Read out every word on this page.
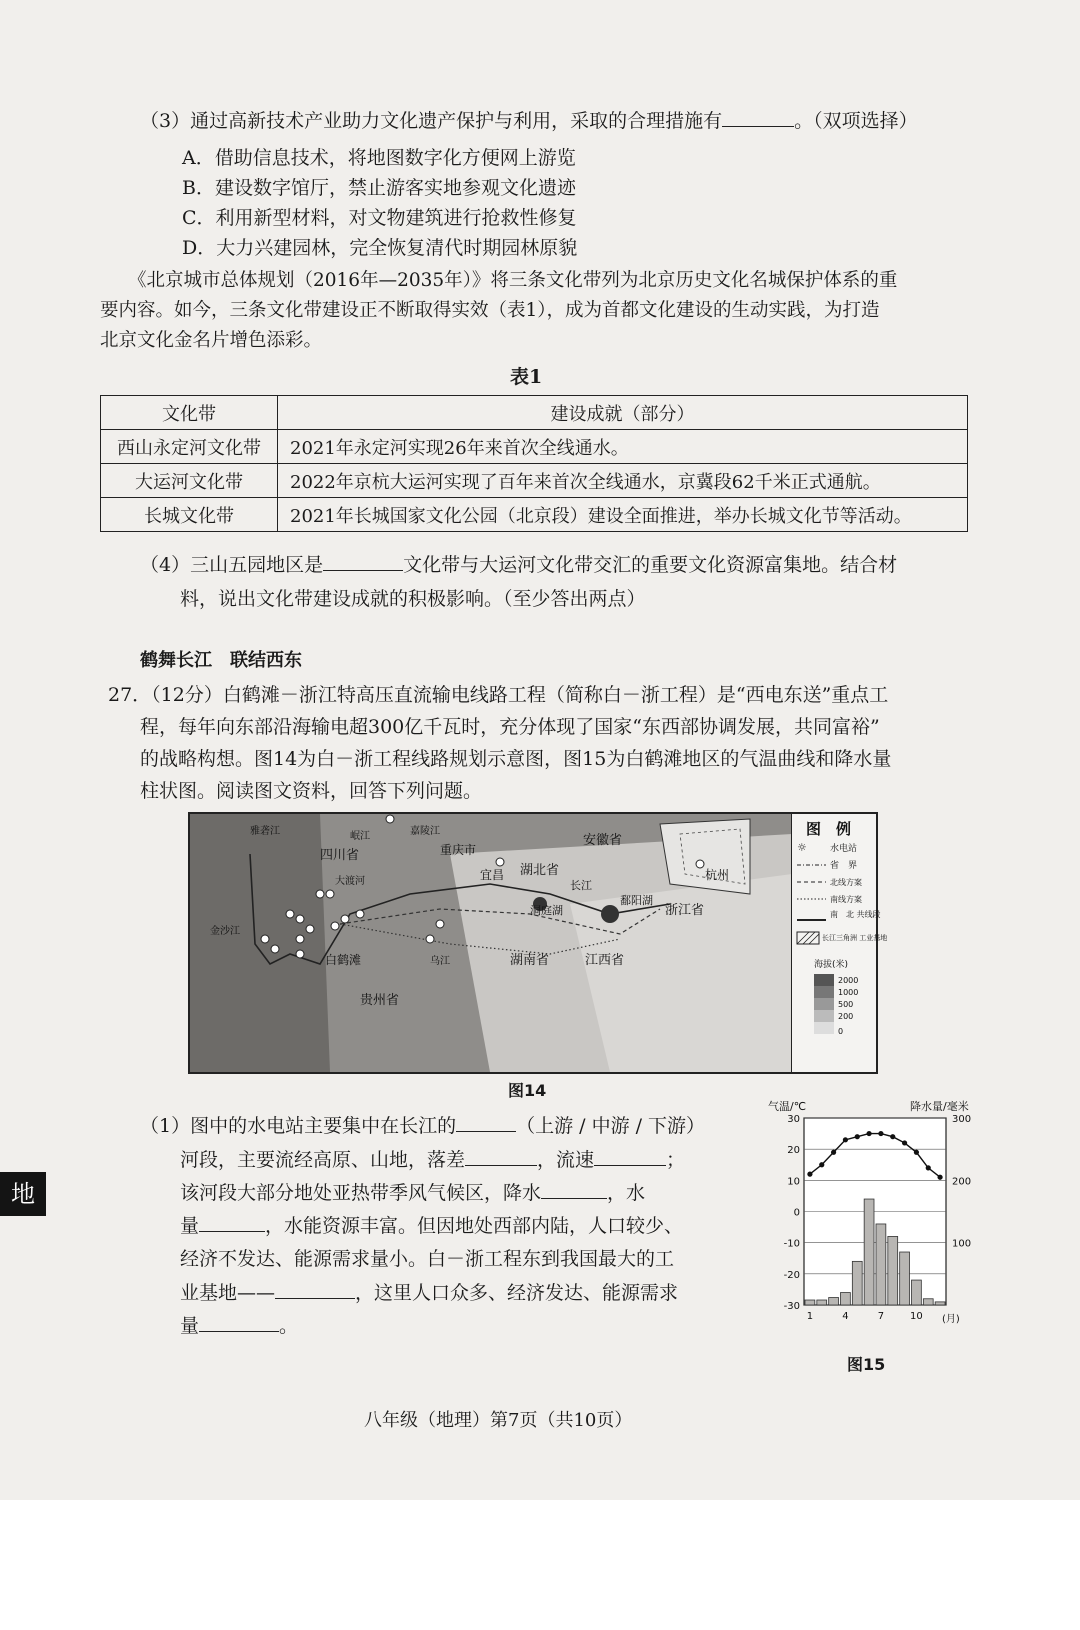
（3）通过高新技术产业助力文化遗产保护与利用，采取的合理措施有	。（双项选择）
A．借助信息技术，将地图数字化方便网上游览
B．建设数字馆厅，禁止游客实地参观文化遗迹
C．利用新型材料，对文物建筑进行抢救性修复
D．大力兴建园林，完全恢复清代时期园林原貌
《北京城市总体规划（2016年—2035年）》将三条文化带列为北京历史文化名城保护体系的重
要内容。如今，三条文化带建设正不断取得实效（表1），成为首都文化建设的生动实践，为打造
北京文化金名片增色添彩。
表1
文化带	建设成就（部分）
西山永定河文化带	2021年永定河实现26年来首次全线通水。
大运河文化带	2022年京杭大运河实现了百年来首次全线通水，京冀段62千米正式通航。
长城文化带	2021年长城国家文化公园（北京段）建设全面推进，举办长城文化节等活动。
（4）三山五园地区是	文化带与大运河文化带交汇的重要文化资源富集地。结合材
料，说出文化带建设成就的积极影响。（至少答出两点）
鹤舞长江　联结西东
27．（12分）白鹤滩－浙江特高压直流输电线路工程（简称白－浙工程）是“西电东送”重点工
程，每年向东部沿海输电超300亿千瓦时，充分体现了国家“东西部协调发展，共同富裕”
的战略构想。图14为白－浙工程线路规划示意图，图15为白鹤滩地区的气温曲线和降水量
柱状图。阅读图文资料，回答下列问题。
安徽省
四川省
湖北省
宜昌
洞庭湖
鄱阳湖
杭州
浙江省
湖南省	江西省
白鹤滩
贵州省
重庆市
长江
雅砻江	岷江	嘉陵江
金沙江
大渡河
乌江
图　例
☼	水电站
省　界
北线方案
南线方案
南　北 共线段
长江三角洲 工业基地
海拔(米)
2000
1000
500
200
0
图14
（1）图中的水电站主要集中在长江的	（上游 / 中游 / 下游）
河段，主要流经高原、山地，落差	，流速	；
该河段大部分地处亚热带季风气候区，降水	，水
量	，水能资源丰富。但因地处西部内陆，人口较少、
经济不发达、能源需求量小。白－浙工程东到我国最大的工
业基地——	，这里人口众多、经济发达、能源需求
量	。
气温/℃	降水量/毫米
(月)
30
20
10
0
-10
-20
-30
300
200
100
1	4	7	10
图15
八年级（地理）第7页（共10页）
地
